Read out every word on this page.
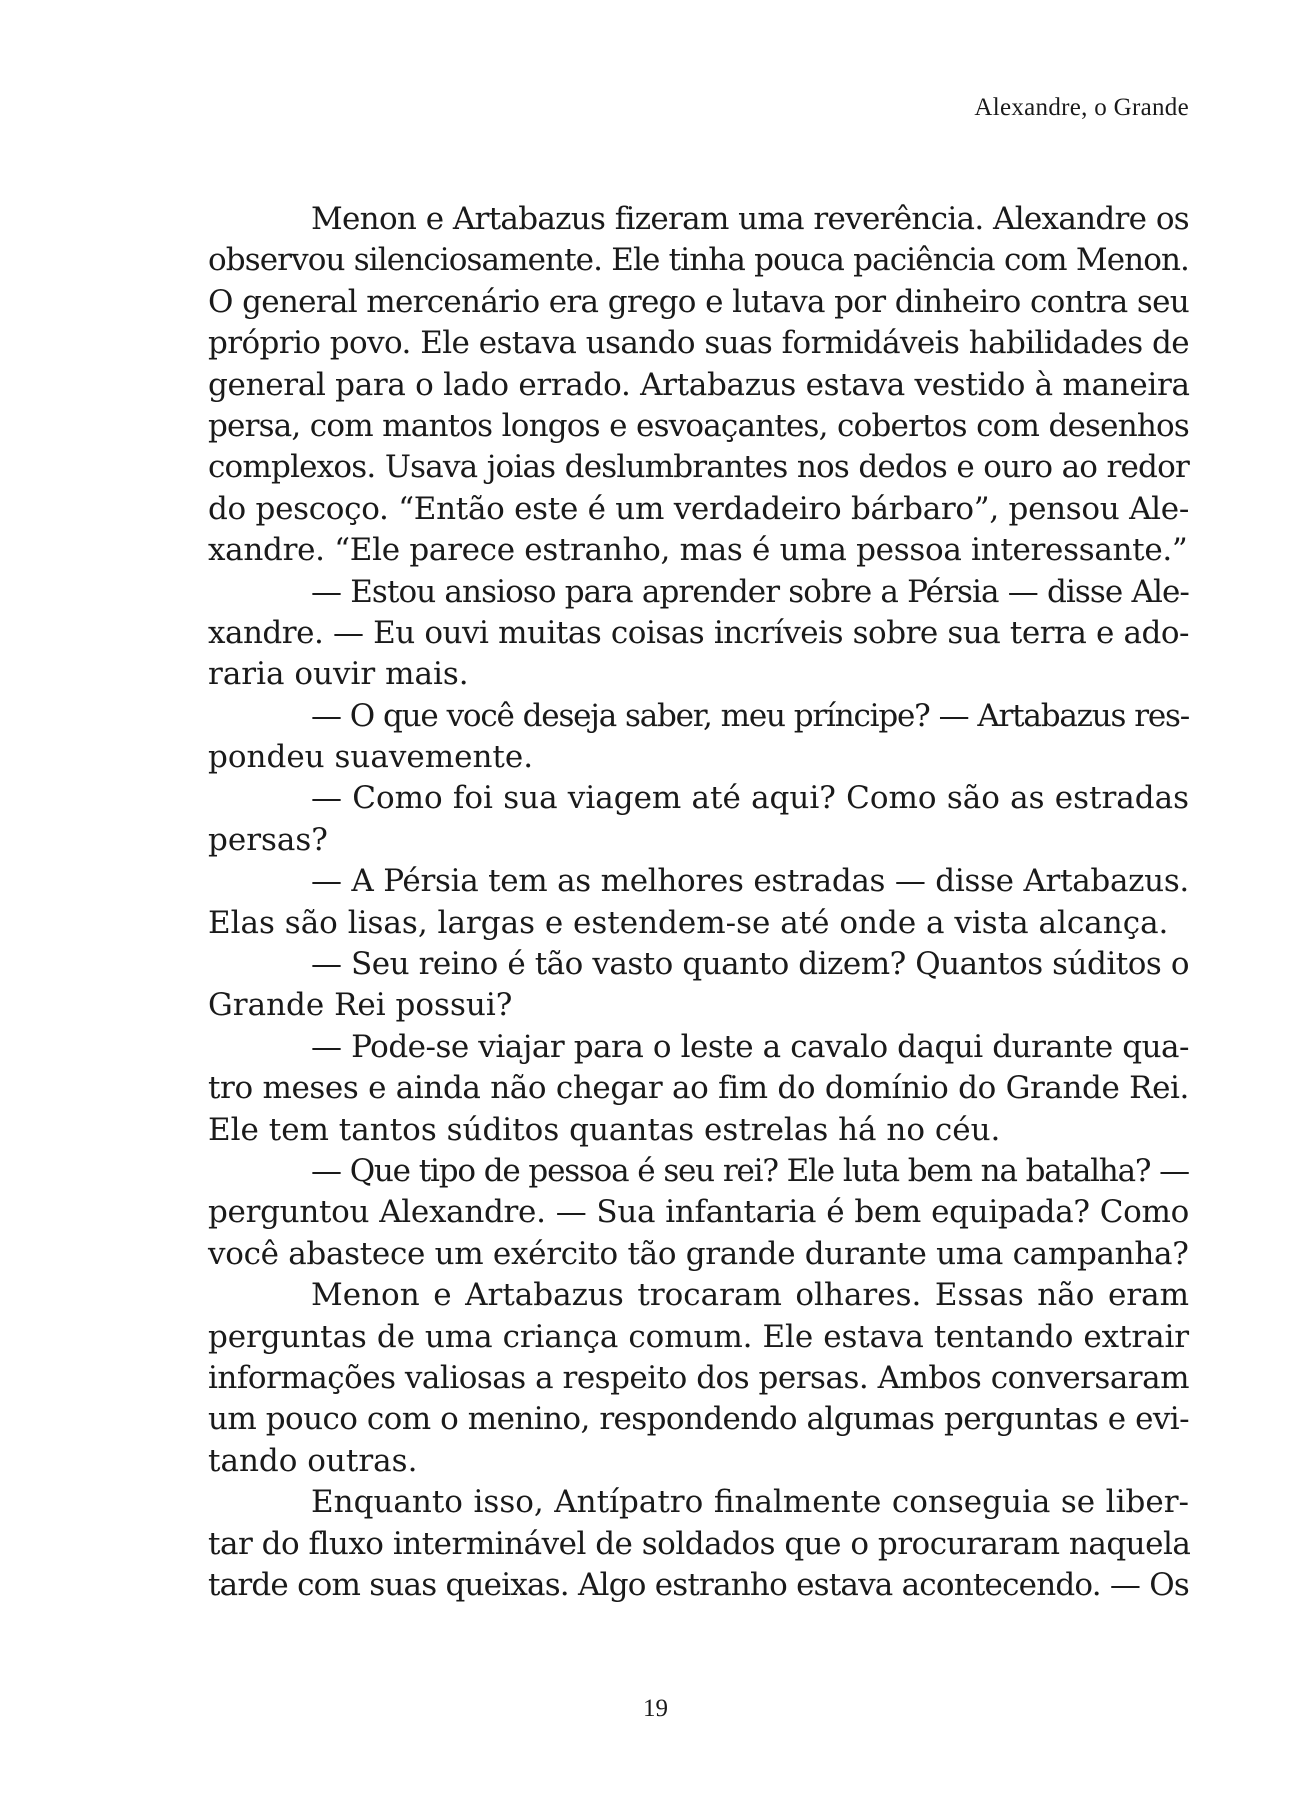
Alexandre, o Grande
Menon e Artabazus fizeram uma reverência. Alexandre os
observou silenciosamente. Ele tinha pouca paciência com Menon.
O general mercenário era grego e lutava por dinheiro contra seu
próprio povo. Ele estava usando suas formidáveis habilidades de
general para o lado errado. Artabazus estava vestido à maneira
persa, com mantos longos e esvoaçantes, cobertos com desenhos
complexos. Usava joias deslumbrantes nos dedos e ouro ao redor
do pescoço. “Então este é um verdadeiro bárbaro”, pensou Ale-
xandre. “Ele parece estranho, mas é uma pessoa interessante.”
— Estou ansioso para aprender sobre a Pérsia — disse Ale-
xandre. — Eu ouvi muitas coisas incríveis sobre sua terra e ado-
raria ouvir mais.
— O que você deseja saber, meu príncipe? — Artabazus res-
pondeu suavemente.
— Como foi sua viagem até aqui? Como são as estradas
persas?
— A Pérsia tem as melhores estradas — disse Artabazus.
Elas são lisas, largas e estendem-se até onde a vista alcança.
— Seu reino é tão vasto quanto dizem? Quantos súditos o
Grande Rei possui?
— Pode-se viajar para o leste a cavalo daqui durante qua-
tro meses e ainda não chegar ao fim do domínio do Grande Rei.
Ele tem tantos súditos quantas estrelas há no céu.
— Que tipo de pessoa é seu rei? Ele luta bem na batalha? —
perguntou Alexandre. — Sua infantaria é bem equipada? Como
você abastece um exército tão grande durante uma campanha?
Menon e Artabazus trocaram olhares. Essas não eram
perguntas de uma criança comum. Ele estava tentando extrair
informações valiosas a respeito dos persas. Ambos conversaram
um pouco com o menino, respondendo algumas perguntas e evi-
tando outras.
Enquanto isso, Antípatro finalmente conseguia se liber-
tar do fluxo interminável de soldados que o procuraram naquela
tarde com suas queixas. Algo estranho estava acontecendo. — Os
19
